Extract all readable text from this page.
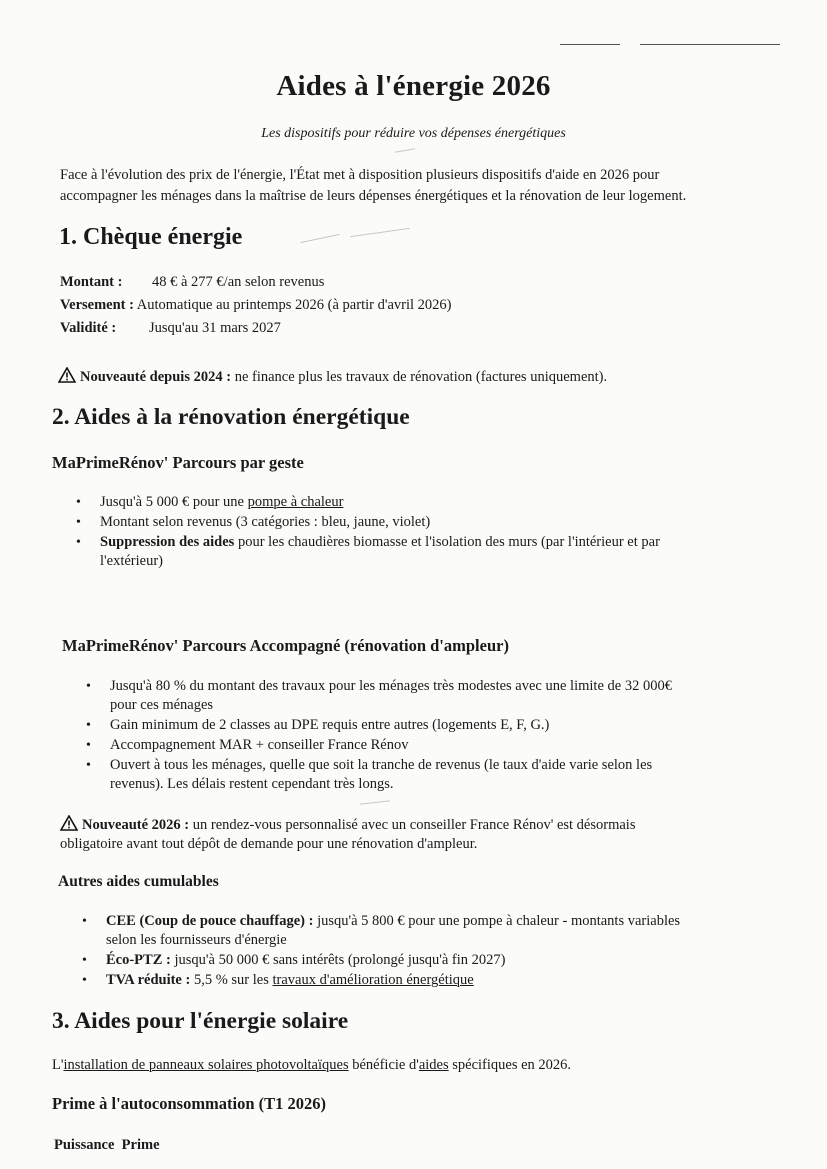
Aides à l'énergie 2026
Les dispositifs pour réduire vos dépenses énergétiques
Face à l'évolution des prix de l'énergie, l'État met à disposition plusieurs dispositifs d'aide en 2026 pour
accompagner les ménages dans la maîtrise de leurs dépenses énergétiques et la rénovation de leur logement.
1. Chèque énergie
Montant : 48 € à 277 €/an selon revenus
Versement : Automatique au printemps 2026 (à partir d'avril 2026)
Validité : Jusqu'au 31 mars 2027
Nouveauté depuis 2024 : ne finance plus les travaux de rénovation (factures uniquement).
2. Aides à la rénovation énergétique
MaPrimeRénov' Parcours par geste
• Jusqu'à 5 000 € pour une pompe à chaleur
• Montant selon revenus (3 catégories : bleu, jaune, violet)
• Suppression des aides pour les chaudières biomasse et l'isolation des murs (par l'intérieur et par
l'extérieur)
MaPrimeRénov' Parcours Accompagné (rénovation d'ampleur)
• Jusqu'à 80 % du montant des travaux pour les ménages très modestes avec une limite de 32 000€
pour ces ménages
• Gain minimum de 2 classes au DPE requis entre autres (logements E, F, G.)
• Accompagnement MAR + conseiller France Rénov
• Ouvert à tous les ménages, quelle que soit la tranche de revenus (le taux d'aide varie selon les
revenus). Les délais restent cependant très longs.
Nouveauté 2026 : un rendez-vous personnalisé avec un conseiller France Rénov' est désormais
obligatoire avant tout dépôt de demande pour une rénovation d'ampleur.
Autres aides cumulables
• CEE (Coup de pouce chauffage) : jusqu'à 5 800 € pour une pompe à chaleur - montants variables
selon les fournisseurs d'énergie
• Éco-PTZ : jusqu'à 50 000 € sans intérêts (prolongé jusqu'à fin 2027)
• TVA réduite : 5,5 % sur les travaux d'amélioration énergétique
3. Aides pour l'énergie solaire
L'installation de panneaux solaires photovoltaïques bénéficie d'aides spécifiques en 2026.
Prime à l'autoconsommation (T1 2026)
Puissance Prime
